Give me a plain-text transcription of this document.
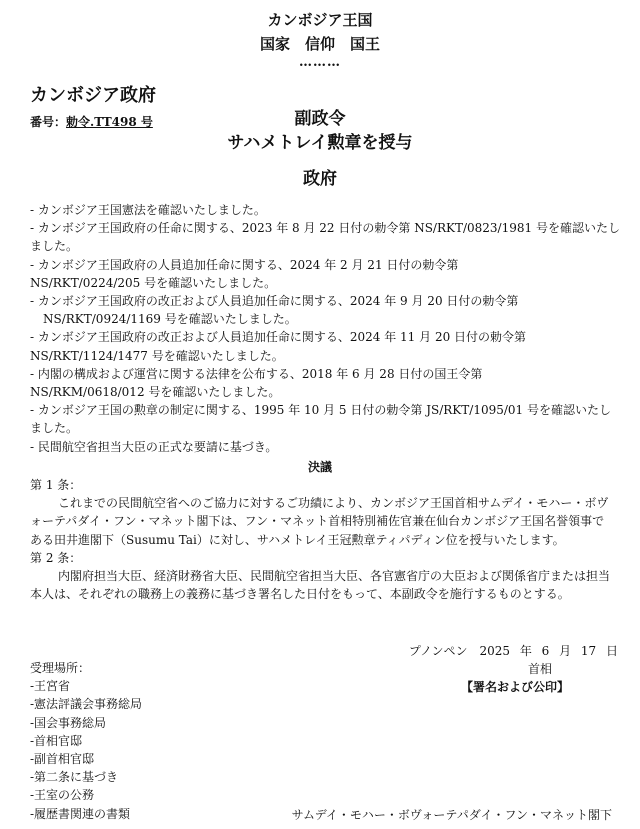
カンボジア王国
国家　信仰　国王
………
カンボジア政府
番号：勅令.TT498 号	副政令
サハメトレイ勲章を授与
政府

- カンボジア王国憲法を確認いたしました。

- カンボジア王国政府の任命に関する、2023 年 8 月 22 日付の勅令第 NS/RKT/0823/1981 号を確認いたしました。

- カンボジア王国政府の人員追加任命に関する、2024 年 2 月 21 日付の勅令第

NS/RKT/0224/205 号を確認いたしました。

- カンボジア王国政府の改正および人員追加任命に関する、2024 年 9 月 20 日付の勅令第

NS/RKT/0924/1169 号を確認いたしました。

- カンボジア王国政府の改正および人員追加任命に関する、2024 年 11 月 20 日付の勅令第

NS/RKT/1124/1477 号を確認いたしました。

- 内閣の構成および運営に関する法律を公布する、2018 年 6 月 28 日付の国王令第

NS/RKM/0618/012 号を確認いたしました。

- カンボジア王国の勲章の制定に関する、1995 年 10 月 5 日付の勅令第 JS/RKT/1095/01 号を確認いたしました。

- 民間航空省担当大臣の正式な要請に基づき。

決議

第 1 条：

これまでの民間航空省へのご協力に対するご功績により、カンボジア王国首相サムデイ・モハー・ボヴォーテパダイ・フン・マネット閣下は、フン・マネット首相特別補佐官兼在仙台カンボジア王国名誉領事である田井進閣下（Susumu Tai）に対し、サハメトレイ王冠勲章ティパディン位を授与いたします。

第 2 条：

内閣府担当大臣、経済財務省大臣、民間航空省担当大臣、各官憲省庁の大臣および関係省庁または担当本人は、それぞれの職務上の義務に基づき署名した日付をもって、本副政令を施行するものとする。

プノンペン　2025 年 6 月 17 日
首相
【署名および公印】
受理場所：
-王宮省
-憲法評議会事務総局
-国会事務総局
-首相官邸
-副首相官邸
-第二条に基づき
-王室の公務
-履歴書関連の書類	サムデイ・モハー・ボヴォーテパダイ・フン・マネット閣下
